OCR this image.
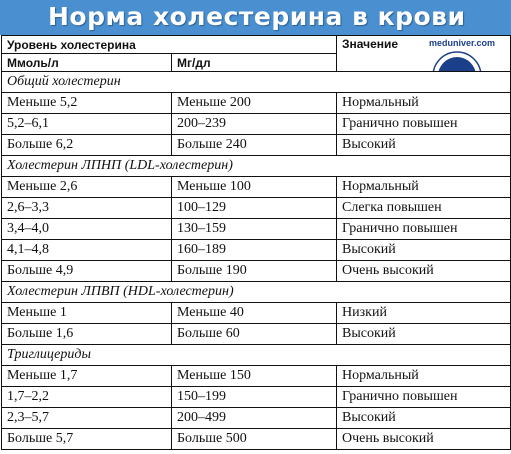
Норма холестерина в крови
Уровень холестерина		Значение meduniver.com

Ммоль/л	Мг/дл	
Общий холестерин		
Меньше 5,2	Меньше 200	Нормальный
5,2–6,1	200–239	Гранично повышен
Больше 6,2	Больше 240	Высокий
Холестерин ЛПНП (LDL-холестерин)		
Меньше 2,6	Меньше 100	Нормальный
2,6–3,3	100–129	Слегка повышен
3,4–4,0	130–159	Гранично повышен
4,1–4,8	160–189	Высокий
Больше 4,9	Больше 190	Очень высокий
Холестерин ЛПВП (HDL-холестерин)		
Меньше 1	Меньше 40	Низкий
Больше 1,6	Больше 60	Высокий
Триглицериды		
Меньше 1,7	Меньше 150	Нормальный
1,7–2,2	150–199	Гранично повышен
2,3–5,7	200–499	Высокий
Больше 5,7	Больше 500	Очень высокий
